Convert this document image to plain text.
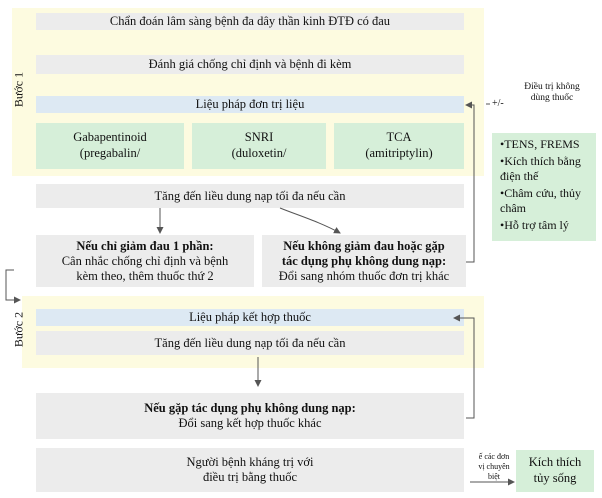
Bước 1
Bước 2
Chẩn đoán lâm sàng bệnh đa dây thần kinh ĐTĐ có đau
Đánh giá chống chỉ định và bệnh đi kèm
Liệu pháp đơn trị liệu
Gabapentinoid
(pregabalin/
SNRI
(duloxetin/
TCA
(amitriptylin)
Tăng đến liều dung nạp tối đa nếu cần
Nếu chỉ giảm đau 1 phần:
Cân nhắc chống chỉ định và bệnh
kèm theo, thêm thuốc thứ 2
Nếu không giảm đau hoặc gặp
tác dụng phụ không dung nạp:
Đổi sang nhóm thuốc đơn trị khác
Liệu pháp kết hợp thuốc
Tăng đến liều dung nạp tối đa nếu cần
Nếu gặp tác dụng phụ không dung nạp:
Đổi sang kết hợp thuốc khác
Người bệnh kháng trị với
điều trị bằng thuốc
+/-
Điều trị không
dùng thuốc
• TENS, FREMS
• Kích thích bằng điện thế
• Châm cứu, thủy châm
• Hỗ trợ tâm lý
ế các đơn
vị chuyên
biệt
Kích thích
tủy sống
